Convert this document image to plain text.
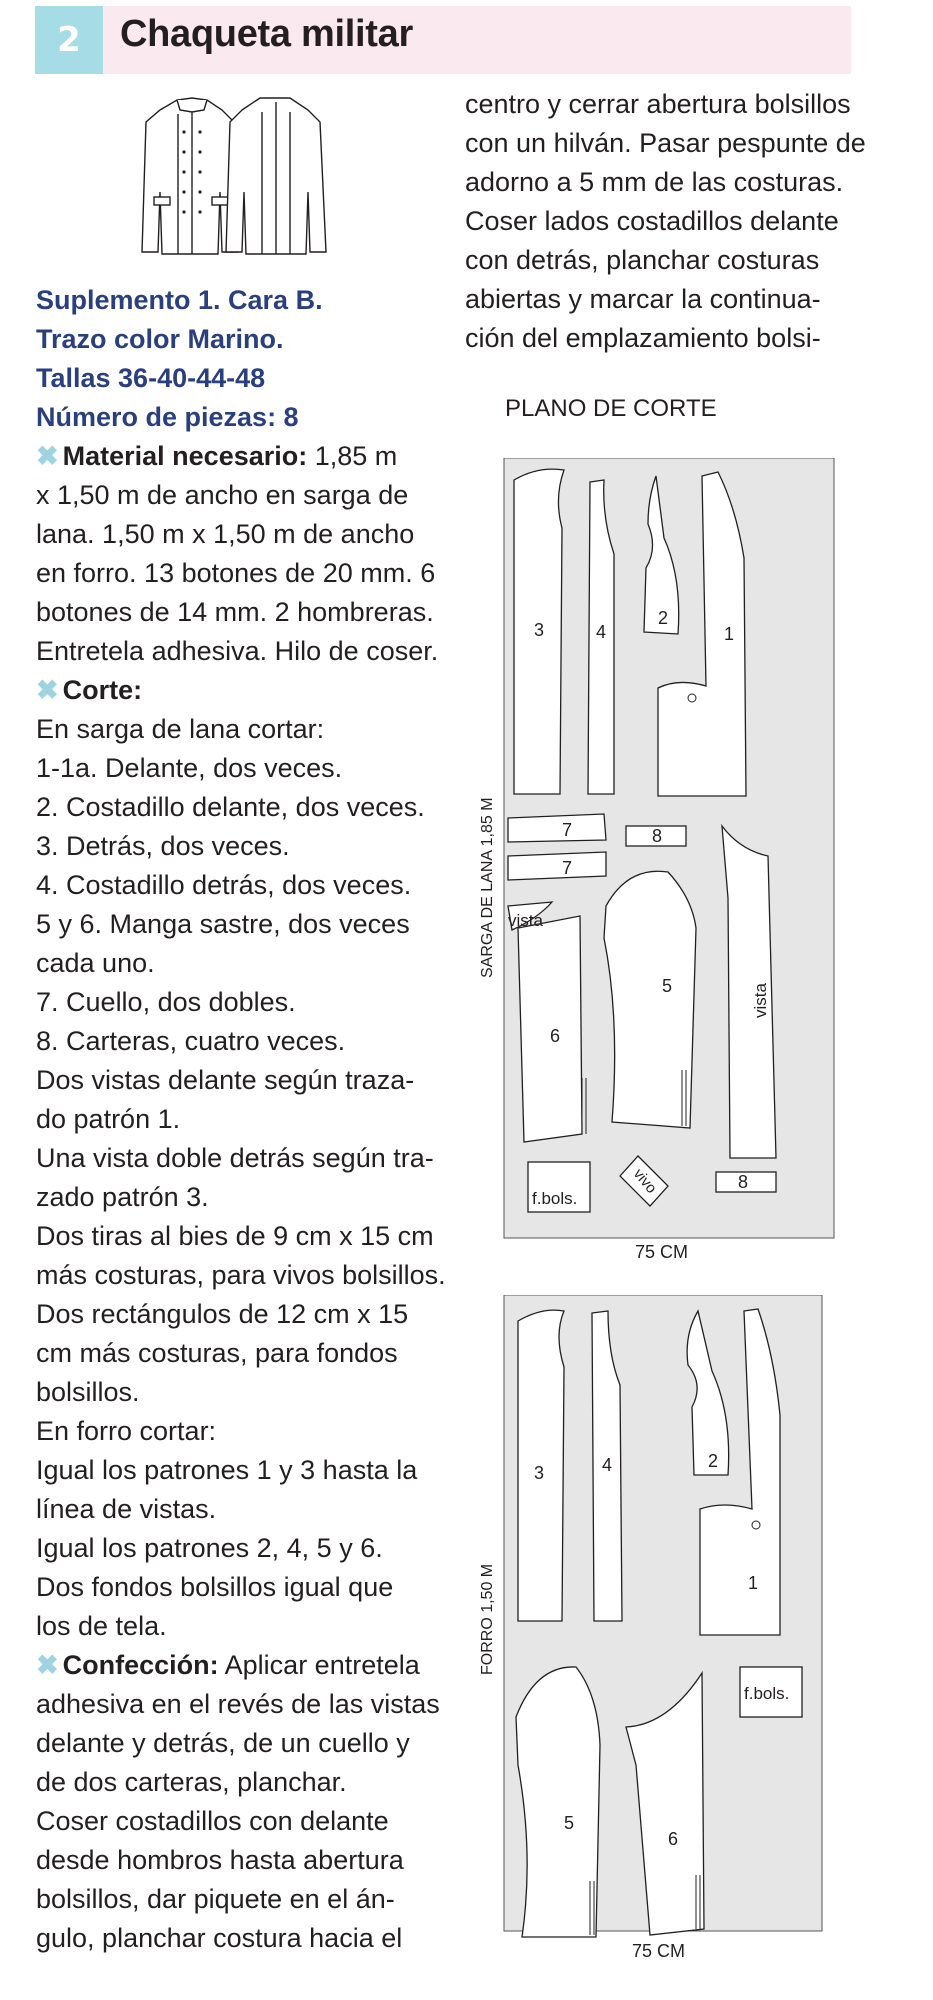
2	Chaqueta militar
Suplemento 1. Cara B.
Trazo color Marino.
Tallas 36-40-44-48
Número de piezas: 8
✖ Material necesario: 1,85 m
x 1,50 m de ancho en sarga de
lana. 1,50 m x 1,50 m de ancho
en forro. 13 botones de 20 mm. 6
botones de 14 mm. 2 hombreras.
Entretela adhesiva. Hilo de coser.
✖ Corte:
En sarga de lana cortar:
1-1a. Delante, dos veces.
2. Costadillo delante, dos veces.
3. Detrás, dos veces.
4. Costadillo detrás, dos veces.
5 y 6. Manga sastre, dos veces
cada uno.
7. Cuello, dos dobles.
8. Carteras, cuatro veces.
Dos vistas delante según traza-
do patrón 1.
Una vista doble detrás según tra-
zado patrón 3.
Dos tiras al bies de 9 cm x 15 cm
más costuras, para vivos bolsillos.
Dos rectángulos de 12 cm x 15
cm más costuras, para fondos
bolsillos.
En forro cortar:
Igual los patrones 1 y 3 hasta la
línea de vistas.
Igual los patrones 2, 4, 5 y 6.
Dos fondos bolsillos igual que
los de tela.
✖ Confección: Aplicar entretela
adhesiva en el revés de las vistas
delante y detrás, de un cuello y
de dos carteras, planchar.
Coser costadillos con delante
desde hombros hasta abertura
bolsillos, dar piquete en el án-
gulo, planchar costura hacia el
centro y cerrar abertura bolsillos
con un hilván. Pasar pespunte de
adorno a 5 mm de las costuras.
Coser lados costadillos delante
con detrás, planchar costuras
abiertas y marcar la continua-
ción del emplazamiento bolsi-
PLANO DE CORTE
3	4
2
1
7	8
7
vista
5	vista
6
f.bols.
vivo	8
SARGA DE LANA 1,85 M
75 CM
3	4	2
1
f.bols.
5
6
FORRO 1,50 M
75 CM
